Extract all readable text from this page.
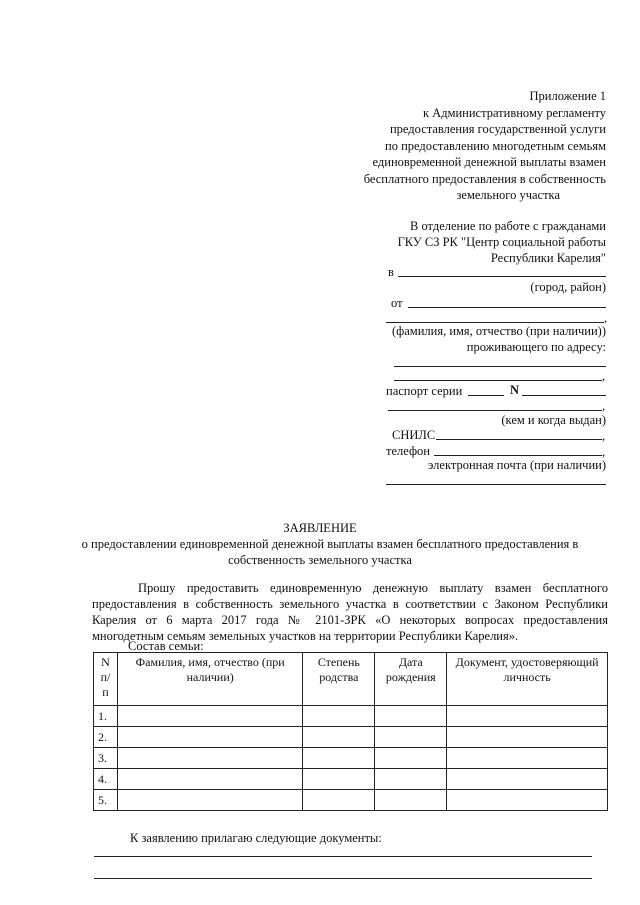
Приложение 1
к Административному регламенту
предоставления государственной услуги
по предоставлению многодетным семьям
единовременной денежной выплаты взамен
бесплатного предоставления в собственность
земельного участка
В отделение по работе с гражданами
ГКУ СЗ РК "Центр социальной работы
Республики Карелия"
в
(город, район)
от
,
(фамилия, имя, отчество (при наличии))
проживающего по адресу:
,
паспорт серии	N
,
(кем и когда выдан)
СНИЛС	,
телефон	,
электронная почта (при наличии)
ЗАЯВЛЕНИЕ
о предоставлении единовременной денежной выплаты взамен бесплатного предоставления в
собственность земельного участка
Прошу предоставить единовременную денежную выплату взамен бесплатного предоставления в собственность земельного участка в соответствии с Законом Республики Карелия от 6 марта 2017 года № 2101-ЗРК «О некоторых вопросах предоставления многодетным семьям земельных участков на территории Республики Карелия».
Состав семьи:
N п/п	Фамилия, имя, отчество (при наличии)	Степень родства	Дата рождения	Документ, удостоверяющий личность
1.				
2.				
3.				
4.				
5.				
К заявлению прилагаю следующие документы:
